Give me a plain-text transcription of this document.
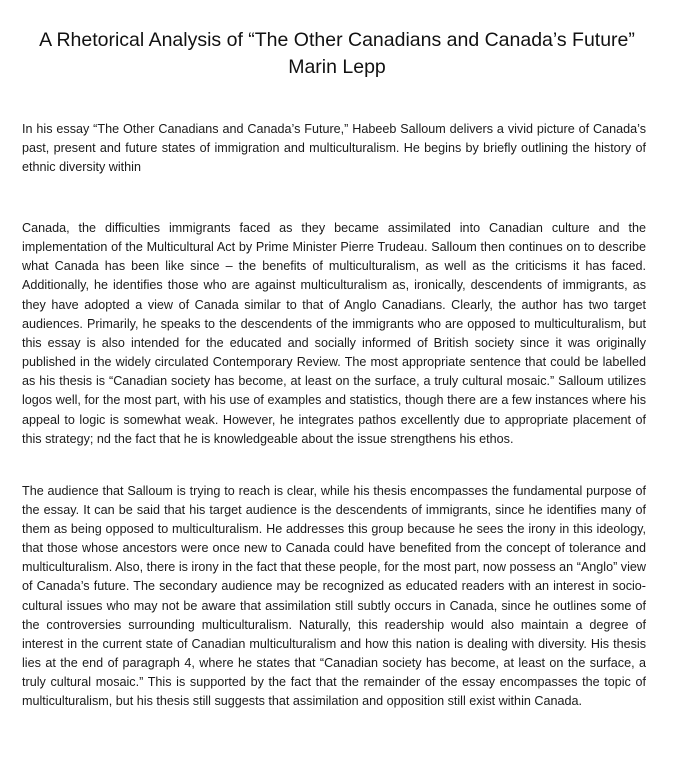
A Rhetorical Analysis of “The Other Canadians and Canada’s Future”
Marin Lepp

In his essay “The Other Canadians and Canada’s Future,” Habeeb Salloum delivers a vivid picture of Canada’s past, present and future states of immigration and multiculturalism. He begins by briefly outlining the history of ethnic diversity within

Canada, the difficulties immigrants faced as they became assimilated into Canadian culture and the implementation of the Multicultural Act by Prime Minister Pierre Trudeau. Salloum then continues on to describe what Canada has been like since – the benefits of multiculturalism, as well as the criticisms it has faced. Additionally, he identifies those who are against multiculturalism as, ironically, descendents of immigrants, as they have adopted a view of Canada similar to that of Anglo Canadians. Clearly, the author has two target audiences. Primarily, he speaks to the descendents of the immigrants who are opposed to multiculturalism, but this essay is also intended for the educated and socially informed of British society since it was originally published in the widely circulated Contemporary Review. The most appropriate sentence that could be labelled as his thesis is “Canadian society has become, at least on the surface, a truly cultural mosaic.” Salloum utilizes logos well, for the most part, with his use of examples and statistics, though there are a few instances where his appeal to logic is somewhat weak. However, he integrates pathos excellently due to appropriate placement of this strategy; nd the fact that he is knowledgeable about the issue strengthens his ethos.

The audience that Salloum is trying to reach is clear, while his thesis encompasses the fundamental purpose of the essay. It can be said that his target audience is the descendents of immigrants, since he identifies many of them as being opposed to multiculturalism. He addresses this group because he sees the irony in this ideology, that those whose ancestors were once new to Canada could have benefited from the concept of tolerance and multiculturalism. Also, there is irony in the fact that these people, for the most part, now possess an “Anglo” view of Canada’s future. The secondary audience may be recognized as educated readers with an interest in socio-cultural issues who may not be aware that assimilation still subtly occurs in Canada, since he outlines some of the controversies surrounding multiculturalism. Naturally, this readership would also maintain a degree of interest in the current state of Canadian multiculturalism and how this nation is dealing with diversity. His thesis lies at the end of paragraph 4, where he states that “Canadian society has become, at least on the surface, a truly cultural mosaic.” This is supported by the fact that the remainder of the essay encompasses the topic of multiculturalism, but his thesis still suggests that assimilation and opposition still exist within Canada.
